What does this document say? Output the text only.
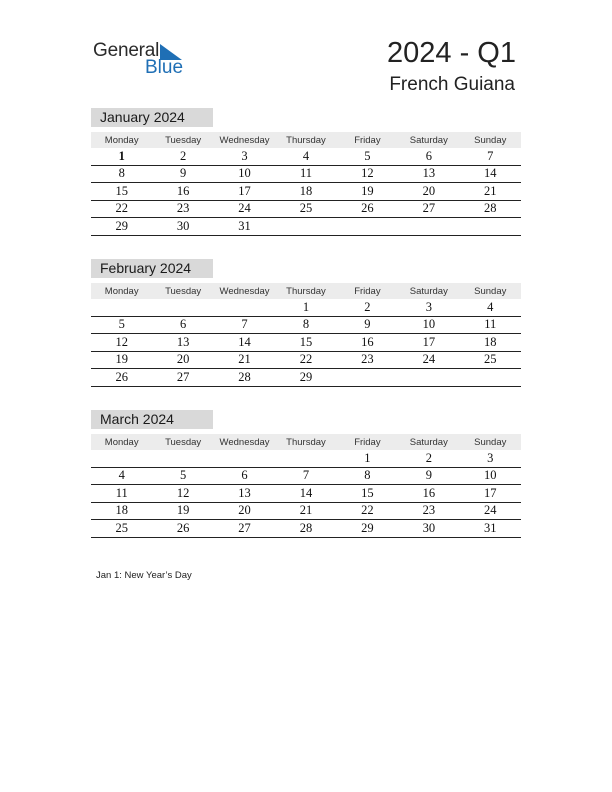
General
Blue	2024 - Q1
French Guiana
January 2024
Monday	Tuesday	Wednesday	Thursday	Friday	Saturday	Sunday
1	2	3	4	5	6	7
8	9	10	11	12	13	14
15	16	17	18	19	20	21
22	23	24	25	26	27	28
29	30	31				
February 2024
Monday	Tuesday	Wednesday	Thursday	Friday	Saturday	Sunday
			1	2	3	4
5	6	7	8	9	10	11
12	13	14	15	16	17	18
19	20	21	22	23	24	25
26	27	28	29			
March 2024
Monday	Tuesday	Wednesday	Thursday	Friday	Saturday	Sunday
				1	2	3
4	5	6	7	8	9	10
11	12	13	14	15	16	17
18	19	20	21	22	23	24
25	26	27	28	29	30	31
Jan 1: New Year’s Day
